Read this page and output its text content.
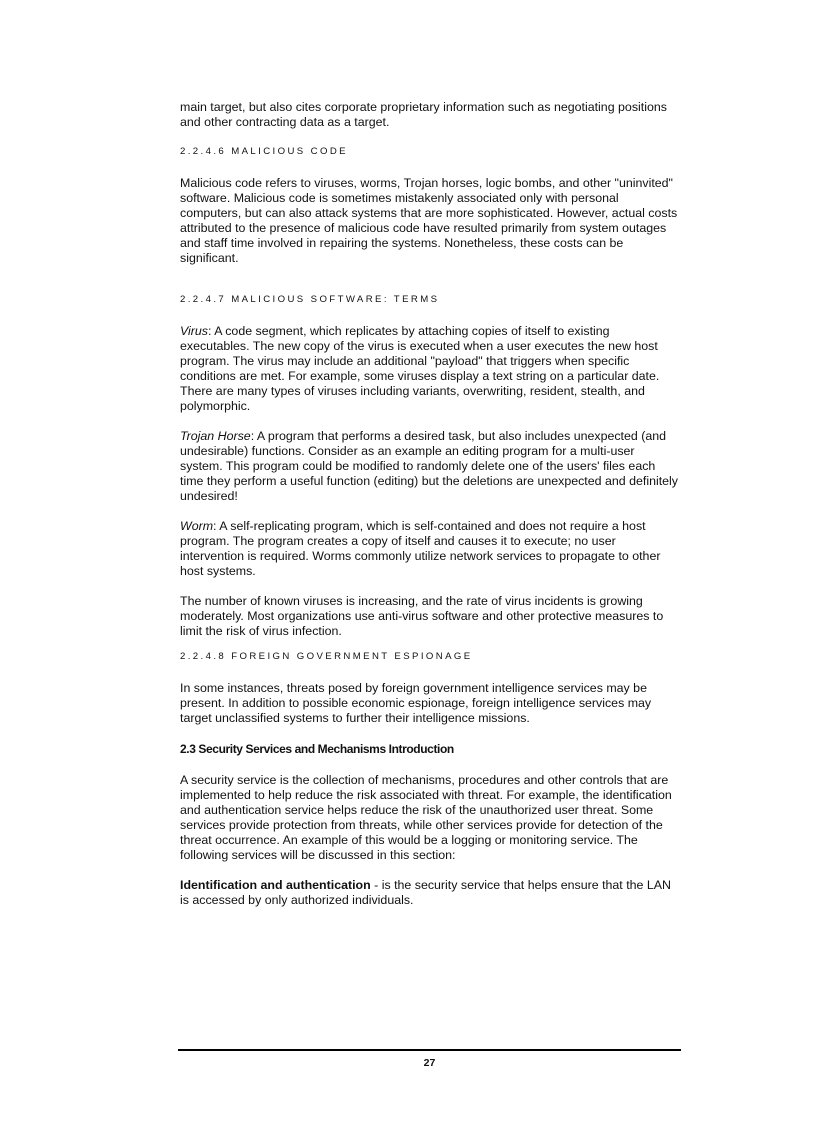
main target, but also cites corporate proprietary information such as negotiating positions and other contracting data as a target.

2.2.4.6 MALICIOUS CODE

Malicious code refers to viruses, worms, Trojan horses, logic bombs, and other "uninvited" software. Malicious code is sometimes mistakenly associated only with personal computers, but can also attack systems that are more sophisticated. However, actual costs attributed to the presence of malicious code have resulted primarily from system outages and staff time involved in repairing the systems. Nonetheless, these costs can be significant.

2.2.4.7 MALICIOUS SOFTWARE: TERMS

Virus: A code segment, which replicates by attaching copies of itself to existing executables. The new copy of the virus is executed when a user executes the new host program. The virus may include an additional "payload" that triggers when specific conditions are met. For example, some viruses display a text string on a particular date. There are many types of viruses including variants, overwriting, resident, stealth, and polymorphic.

Trojan Horse: A program that performs a desired task, but also includes unexpected (and undesirable) functions. Consider as an example an editing program for a multi-user system. This program could be modified to randomly delete one of the users' files each time they perform a useful function (editing) but the deletions are unexpected and definitely undesired!

Worm: A self-replicating program, which is self-contained and does not require a host program. The program creates a copy of itself and causes it to execute; no user intervention is required. Worms commonly utilize network services to propagate to other host systems.

The number of known viruses is increasing, and the rate of virus incidents is growing moderately. Most organizations use anti-virus software and other protective measures to limit the risk of virus infection.

2.2.4.8 FOREIGN GOVERNMENT ESPIONAGE

In some instances, threats posed by foreign government intelligence services may be present. In addition to possible economic espionage, foreign intelligence services may target unclassified systems to further their intelligence missions.

2.3 Security Services and Mechanisms Introduction

A security service is the collection of mechanisms, procedures and other controls that are implemented to help reduce the risk associated with threat. For example, the identification and authentication service helps reduce the risk of the unauthorized user threat. Some services provide protection from threats, while other services provide for detection of the threat occurrence. An example of this would be a logging or monitoring service. The following services will be discussed in this section:

Identification and authentication - is the security service that helps ensure that the LAN is accessed by only authorized individuals.

27
